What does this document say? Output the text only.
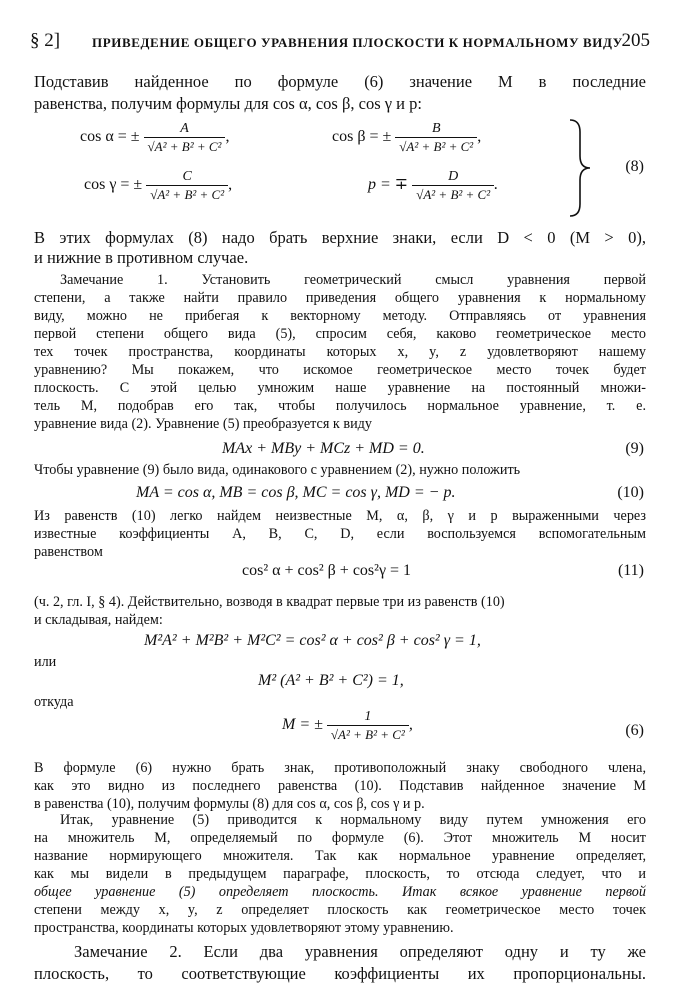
§ 2] ПРИВЕДЕНИЕ ОБЩЕГО УРАВНЕНИЯ ПЛОСКОСТИ К НОРМАЛЬНОМУ ВИДУ
205
Подставив найденное по формуле (6) значение M в последние
равенства, получим формулы для cos α, cos β, cos γ и p:
cos α = ± $\frac{A}{\text{√A² + B² + C²}}$ ,	cos β = ± $\frac{B}{\text{√A² + B² + C²}}$ ,
cos γ = ± $\frac{C}{\text{√A² + B² + C²}}$ ,	p = ∓ $\frac{D}{\text{√A² + B² + C²}}$ .
(8)
В этих формулах (8) надо брать верхние знаки, если D < 0 (M > 0),
и нижние в противном случае.
Замечание 1. Установить геометрический смысл уравнения первой
степени, а также найти правило приведения общего уравнения к нормальному
виду, можно не прибегая к векторному методу. Отправляясь от уравнения
первой степени общего вида (5), спросим себя, каково геометрическое место
тех точек пространства, координаты которых x, y, z удовлетворяют нашему
уравнению? Мы покажем, что искомое геометрическое место точек будет
плоскость. С этой целью умножим наше уравнение на постоянный множи-
тель M, подобрав его так, чтобы получилось нормальное уравнение, т. е.
уравнение вида (2). Уравнение (5) преобразуется к виду
MAx + MBy + MCz + MD = 0.	(9)
Чтобы уравнение (9) было вида, одинакового с уравнением (2), нужно положить
MA = cos α, MB = cos β, MC = cos γ, MD = − p.	(10)
Из равенств (10) легко найдем неизвестные M, α, β, γ и p выраженными через
известные коэффициенты A, B, C, D, если воспользуемся вспомогательным
равенством
cos² α + cos² β + cos²γ = 1	(11)
(ч. 2, гл. I, § 4). Действительно, возводя в квадрат первые три из равенств (10)
и складывая, найдем:
M²A² + M²B² + M²C² = cos² α + cos² β + cos² γ = 1,
или
M² (A² + B² + C²) = 1,
откуда
M = ± $\frac{1}{\text{√A² + B² + C²}}$ ,	(6)
В формуле (6) нужно брать знак, противоположный знаку свободного члена,
как это видно из последнего равенства (10). Подставив найденное значение M
в равенства (10), получим формулы (8) для cos α, cos β, cos γ и p.
Итак, уравнение (5) приводится к нормальному виду путем умножения его
на множитель M, определяемый по формуле (6). Этот множитель M носит
название нормирующего множителя. Так как нормальное уравнение определяет,
как мы видели в предыдущем параграфе, плоскость, то отсюда следует, что и
общее уравнение (5) определяет плоскость. Итак всякое уравнение первой
степени между x, y, z определяет плоскость как геометрическое место точек
пространства, координаты которых удовлетворяют этому уравнению.
Замечание 2. Если два уравнения определяют одну и ту же
плоскость, то соответствующие коэффициенты их пропорциональны.
